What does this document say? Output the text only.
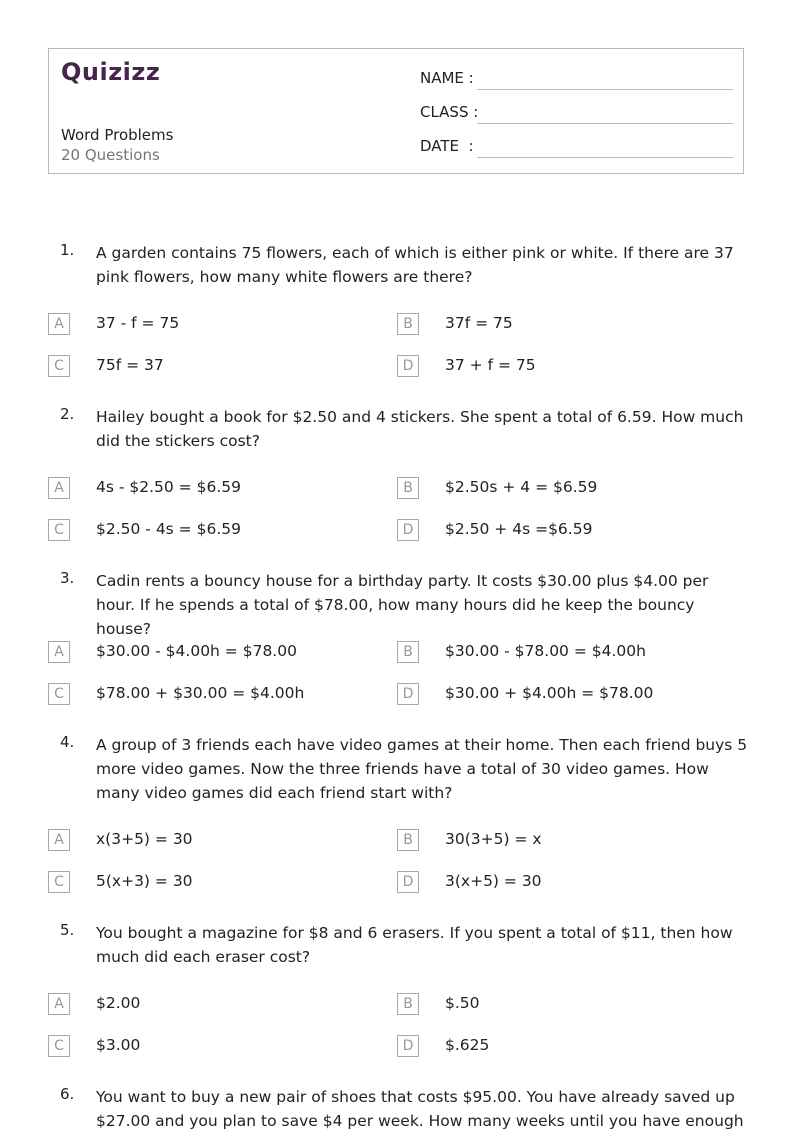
Quizizz
Word Problems
20 Questions
NAME :
CLASS :
DATE  :
1. A garden contains 75 flowers, each of which is either pink or white. If there are 37 pink flowers, how many white flowers are there?
A	37 - f = 75	B	37f = 75
C	75f = 37	D	37 + f = 75
2. Hailey bought a book for $2.50 and 4 stickers. She spent a total of 6.59. How much did the stickers cost?
A	4s - $2.50 = $6.59	B	$2.50s + 4 = $6.59
C	$2.50 - 4s = $6.59	D	$2.50 + 4s =$6.59
3. Cadin rents a bouncy house for a birthday party. It costs $30.00 plus $4.00 per hour. If he spends a total of $78.00, how many hours did he keep the bouncy house?
A	$30.00 - $4.00h = $78.00	B	$30.00 - $78.00 = $4.00h
C	$78.00 + $30.00 = $4.00h	D	$30.00 + $4.00h = $78.00
4. A group of 3 friends each have video games at their home. Then each friend buys 5 more video games. Now the three friends have a total of 30 video games. How many video games did each friend start with?
A	x(3+5) = 30	B	30(3+5) = x
C	5(x+3) = 30	D	3(x+5) = 30
5. You bought a magazine for $8 and 6 erasers. If you spent a total of $11, then how much did each eraser cost?
A	$2.00	B	$.50
C	$3.00	D	$.625
6. You want to buy a new pair of shoes that costs $95.00. You have already saved up $27.00 and you plan to save $4 per week. How many weeks until you have enough
